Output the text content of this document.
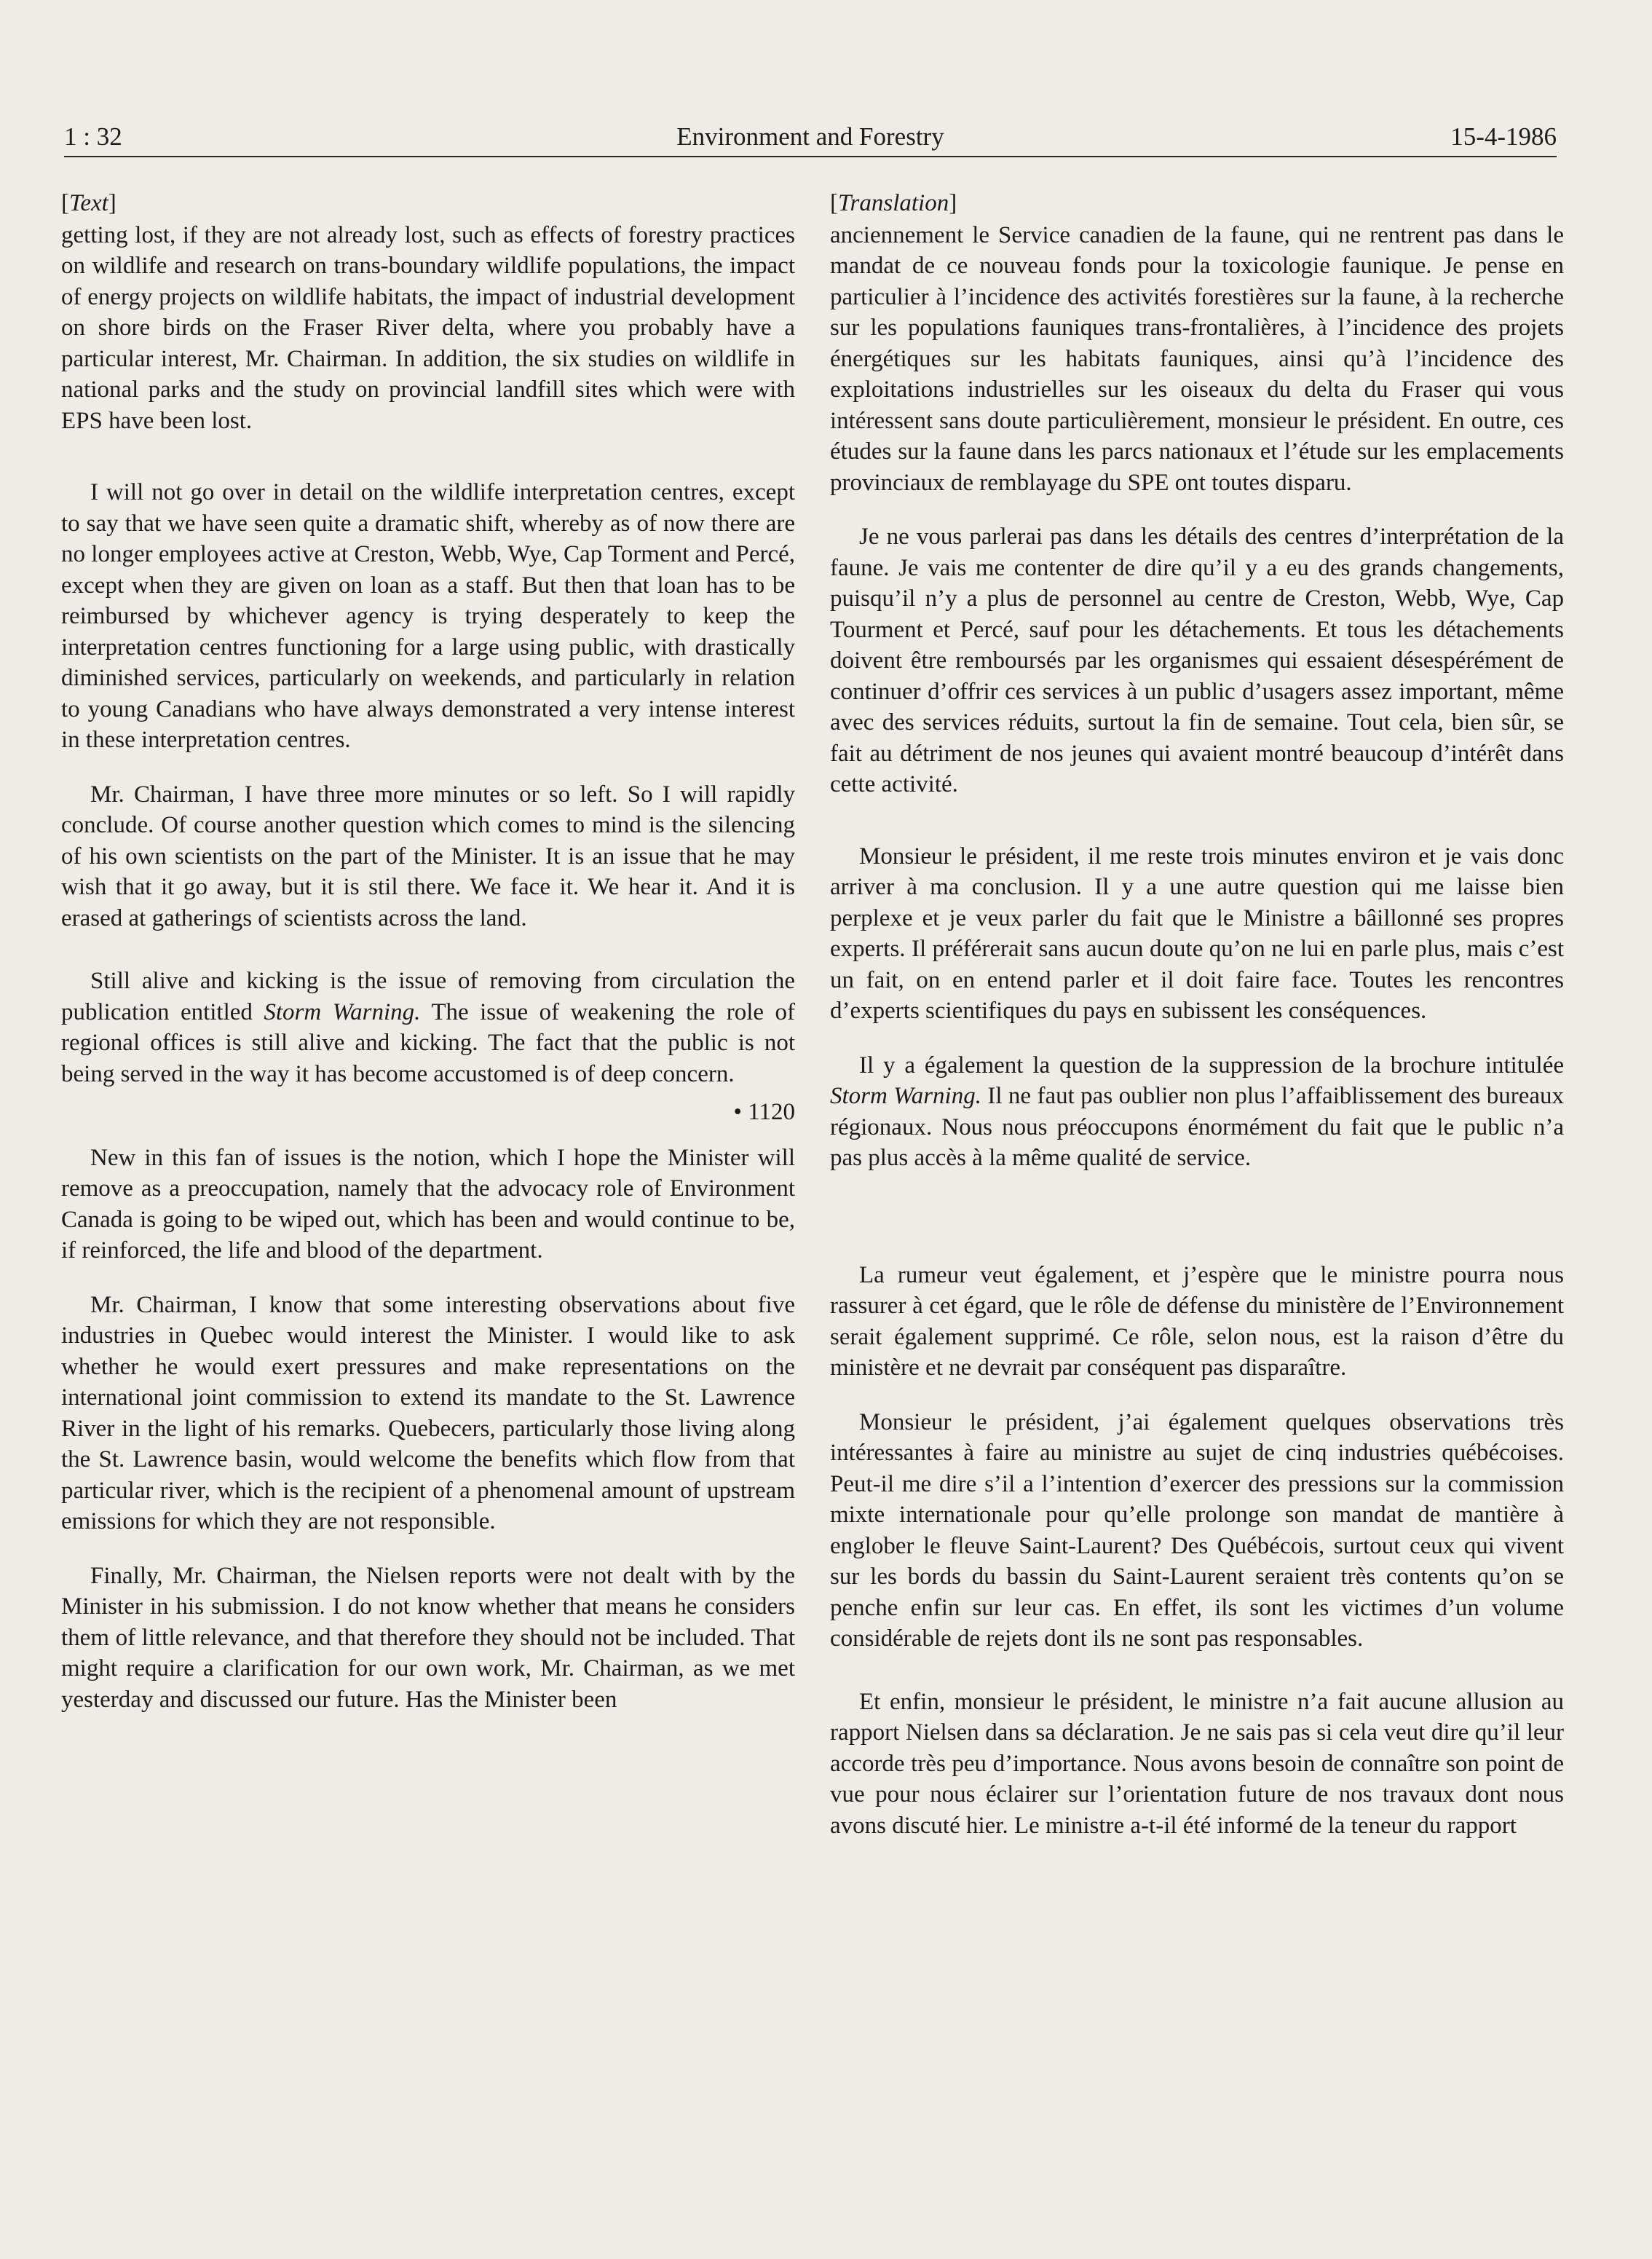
1 : 32	Environment and Forestry	15-4-1986
[Text]

getting lost, if they are not already lost, such as effects of forestry practices on wildlife and research on trans-boundary wildlife populations, the impact of energy projects on wildlife habitats, the impact of industrial development on shore birds on the Fraser River delta, where you probably have a particular interest, Mr. Chairman. In addition, the six studies on wildlife in national parks and the study on provincial landfill sites which were with EPS have been lost.

I will not go over in detail on the wildlife interpretation centres, except to say that we have seen quite a dramatic shift, whereby as of now there are no longer employees active at Creston, Webb, Wye, Cap Torment and Percé, except when they are given on loan as a staff. But then that loan has to be reimbursed by whichever agency is trying desperately to keep the interpretation centres functioning for a large using public, with drastically diminished services, particularly on weekends, and particularly in relation to young Canadians who have always demonstrated a very intense interest in these interpretation centres.

Mr. Chairman, I have three more minutes or so left. So I will rapidly conclude. Of course another question which comes to mind is the silencing of his own scientists on the part of the Minister. It is an issue that he may wish that it go away, but it is stil there. We face it. We hear it. And it is erased at gatherings of scientists across the land.

Still alive and kicking is the issue of removing from circulation the publication entitled Storm Warning. The issue of weakening the role of regional offices is still alive and kicking. The fact that the public is not being served in the way it has become accustomed is of deep concern.

• 1120

New in this fan of issues is the notion, which I hope the Minister will remove as a preoccupation, namely that the advocacy role of Environment Canada is going to be wiped out, which has been and would continue to be, if reinforced, the life and blood of the department.

Mr. Chairman, I know that some interesting observations about five industries in Quebec would interest the Minister. I would like to ask whether he would exert pressures and make representations on the international joint commission to extend its mandate to the St. Lawrence River in the light of his remarks. Quebecers, particularly those living along the St. Lawrence basin, would welcome the benefits which flow from that particular river, which is the recipient of a phenomenal amount of upstream emissions for which they are not responsible.

Finally, Mr. Chairman, the Nielsen reports were not dealt with by the Minister in his submission. I do not know whether that means he considers them of little relevance, and that therefore they should not be included. That might require a clarification for our own work, Mr. Chairman, as we met yesterday and discussed our future. Has the Minister been

[Translation]

anciennement le Service canadien de la faune, qui ne rentrent pas dans le mandat de ce nouveau fonds pour la toxicologie faunique. Je pense en particulier à l’incidence des activités forestières sur la faune, à la recherche sur les populations fauniques trans-frontalières, à l’incidence des projets énergétiques sur les habitats fauniques, ainsi qu’à l’incidence des exploitations industrielles sur les oiseaux du delta du Fraser qui vous intéressent sans doute particulièrement, monsieur le président. En outre, ces études sur la faune dans les parcs nationaux et l’étude sur les emplacements provinciaux de remblayage du SPE ont toutes disparu.

Je ne vous parlerai pas dans les détails des centres d’interprétation de la faune. Je vais me contenter de dire qu’il y a eu des grands changements, puisqu’il n’y a plus de personnel au centre de Creston, Webb, Wye, Cap Tourment et Percé, sauf pour les détachements. Et tous les détachements doivent être remboursés par les organismes qui essaient désespérément de continuer d’offrir ces services à un public d’usagers assez important, même avec des services réduits, surtout la fin de semaine. Tout cela, bien sûr, se fait au détriment de nos jeunes qui avaient montré beaucoup d’intérêt dans cette activité.

Monsieur le président, il me reste trois minutes environ et je vais donc arriver à ma conclusion. Il y a une autre question qui me laisse bien perplexe et je veux parler du fait que le Ministre a bâillonné ses propres experts. Il préférerait sans aucun doute qu’on ne lui en parle plus, mais c’est un fait, on en entend parler et il doit faire face. Toutes les rencontres d’experts scientifiques du pays en subissent les conséquences.

Il y a également la question de la suppression de la brochure intitulée Storm Warning. Il ne faut pas oublier non plus l’affaiblissement des bureaux régionaux. Nous nous préoccupons énormément du fait que le public n’a pas plus accès à la même qualité de service.

La rumeur veut également, et j’espère que le ministre pourra nous rassurer à cet égard, que le rôle de défense du ministère de l’Environnement serait également supprimé. Ce rôle, selon nous, est la raison d’être du ministère et ne devrait par conséquent pas disparaître.

Monsieur le président, j’ai également quelques observations très intéressantes à faire au ministre au sujet de cinq industries québécoises. Peut-il me dire s’il a l’intention d’exercer des pressions sur la commission mixte internationale pour qu’elle prolonge son mandat de mantière à englober le fleuve Saint-Laurent? Des Québécois, surtout ceux qui vivent sur les bords du bassin du Saint-Laurent seraient très contents qu’on se penche enfin sur leur cas. En effet, ils sont les victimes d’un volume considérable de rejets dont ils ne sont pas responsables.

Et enfin, monsieur le président, le ministre n’a fait aucune allusion au rapport Nielsen dans sa déclaration. Je ne sais pas si cela veut dire qu’il leur accorde très peu d’importance. Nous avons besoin de connaître son point de vue pour nous éclairer sur l’orientation future de nos travaux dont nous avons discuté hier. Le ministre a-t-il été informé de la teneur du rapport
